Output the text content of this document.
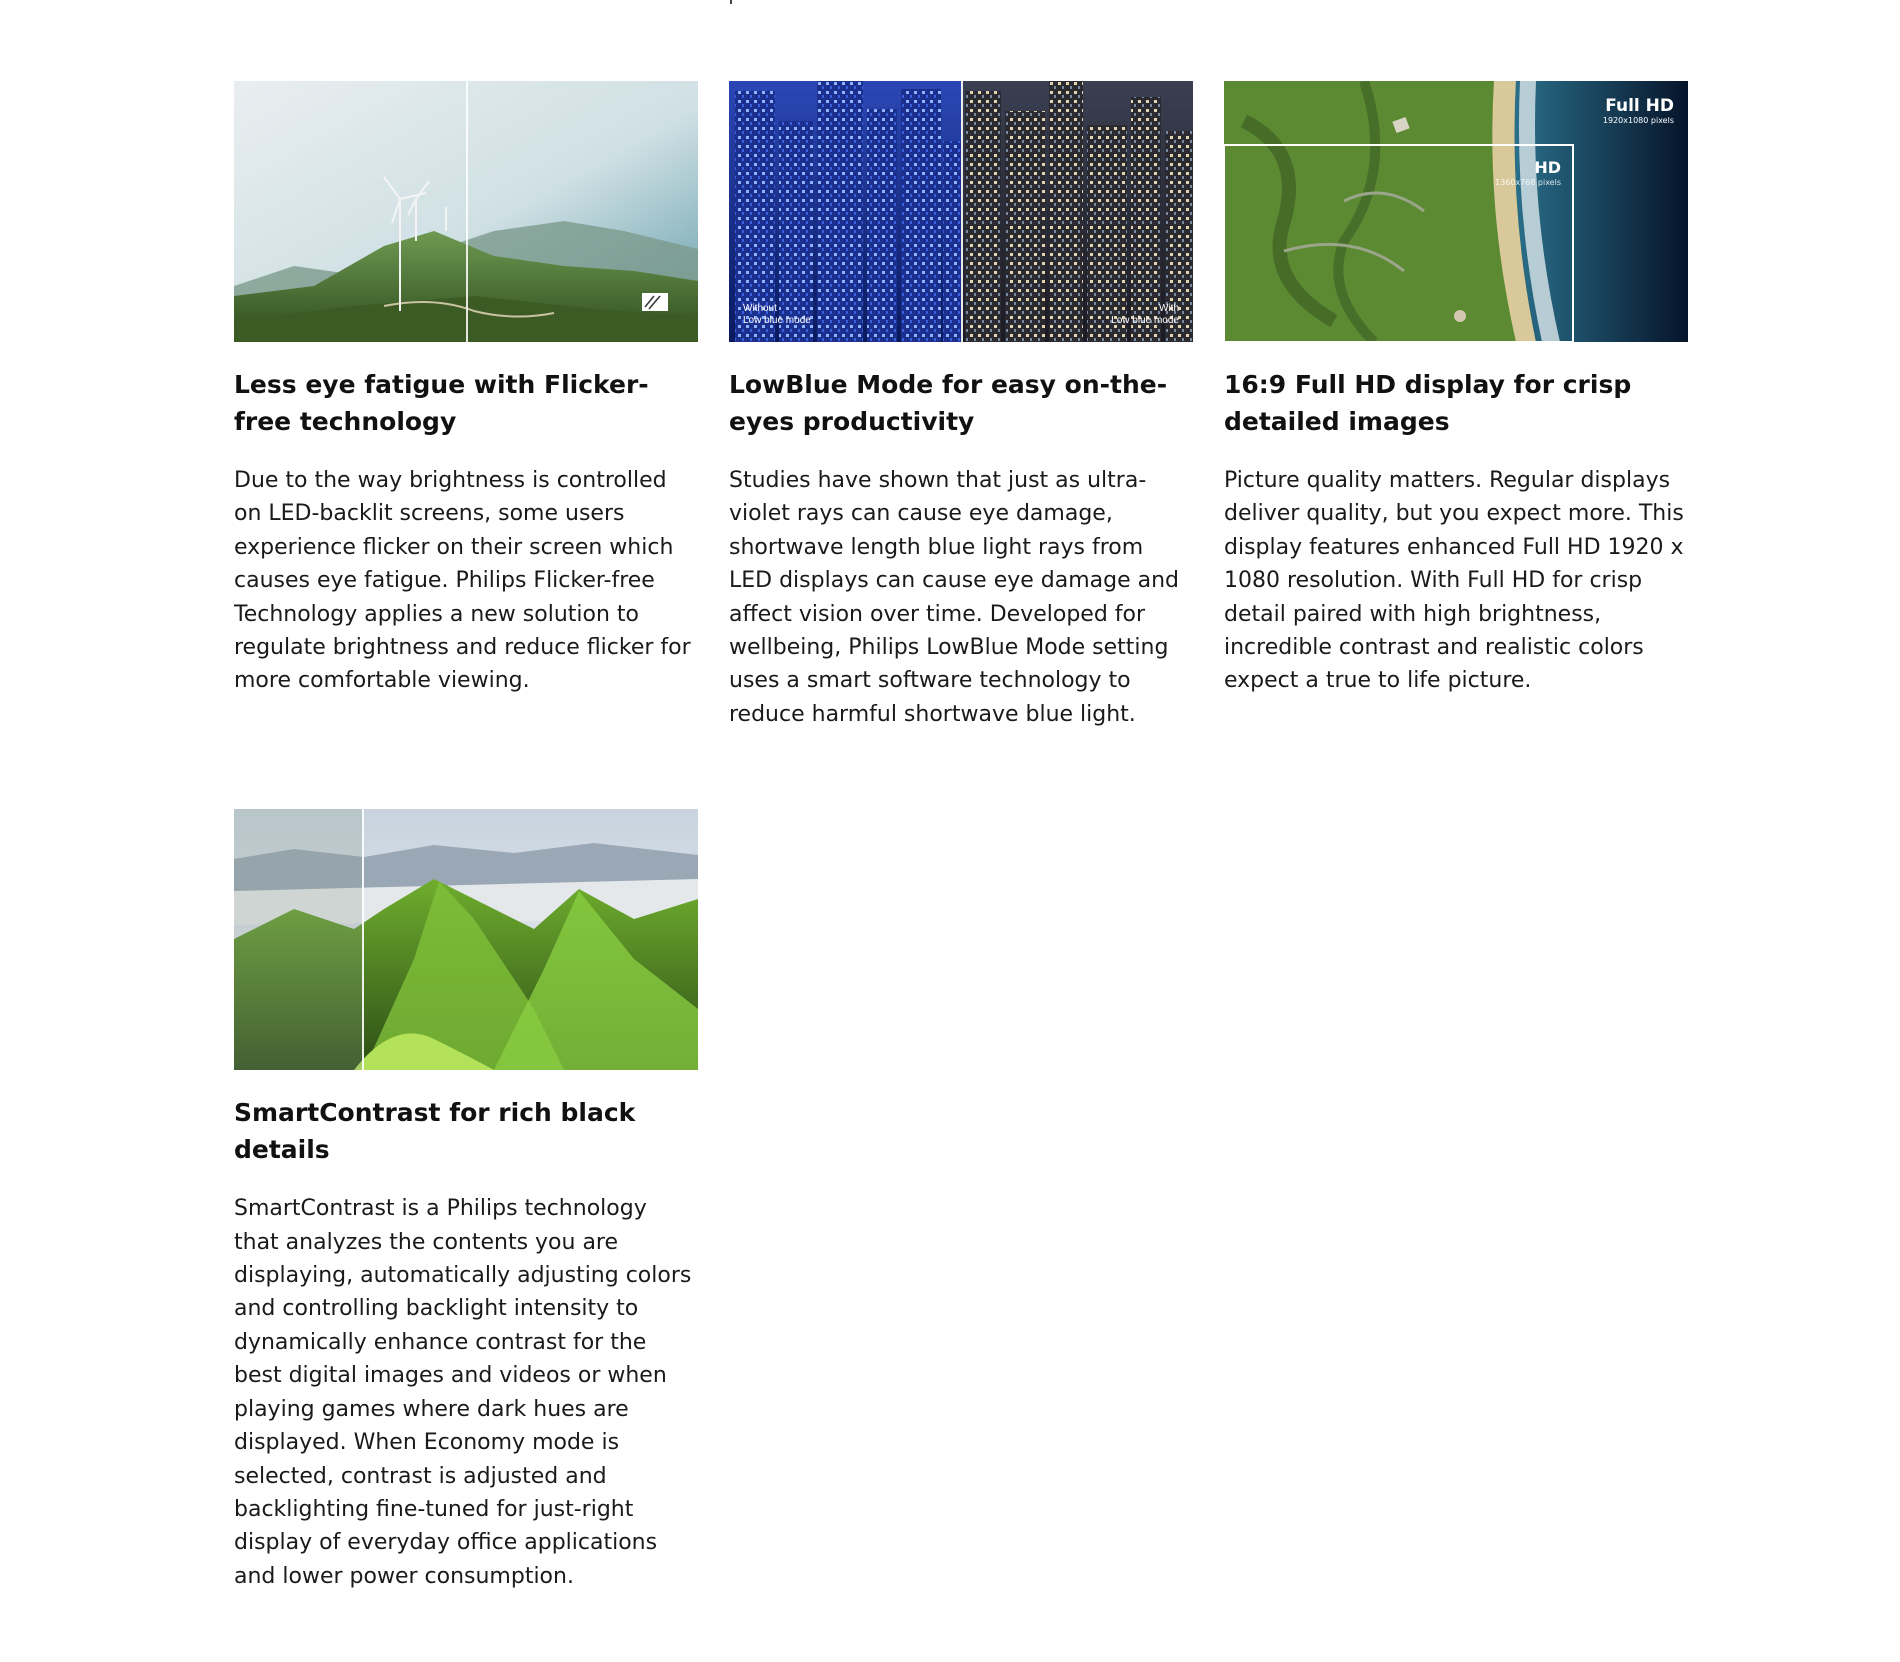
Less eye fatigue with Flicker-free technology

Due to the way brightness is controlled on LED-backlit screens, some users experience flicker on their screen which causes eye fatigue. Philips Flicker-free Technology applies a new solution to regulate brightness and reduce flicker for more comfortable viewing.

Without
Low blue mode
With
Low blue mode
LowBlue Mode for easy on-the-eyes productivity

Studies have shown that just as ultra-violet rays can cause eye damage, shortwave length blue light rays from LED displays can cause eye damage and affect vision over time. Developed for wellbeing, Philips LowBlue Mode setting uses a smart software technology to reduce harmful shortwave blue light.

Full HD
1920x1080 pixels
HD
1360x768 pixels
16:9 Full HD display for crisp detailed images

Picture quality matters. Regular displays deliver quality, but you expect more. This display features enhanced Full HD 1920 x 1080 resolution. With Full HD for crisp detail paired with high brightness, incredible contrast and realistic colors expect a true to life picture.

SmartContrast for rich black details

SmartContrast is a Philips technology that analyzes the contents you are displaying, automatically adjusting colors and controlling backlight intensity to dynamically enhance contrast for the best digital images and videos or when playing games where dark hues are displayed. When Economy mode is selected, contrast is adjusted and backlighting fine-tuned for just-right display of everyday office applications and lower power consumption.
